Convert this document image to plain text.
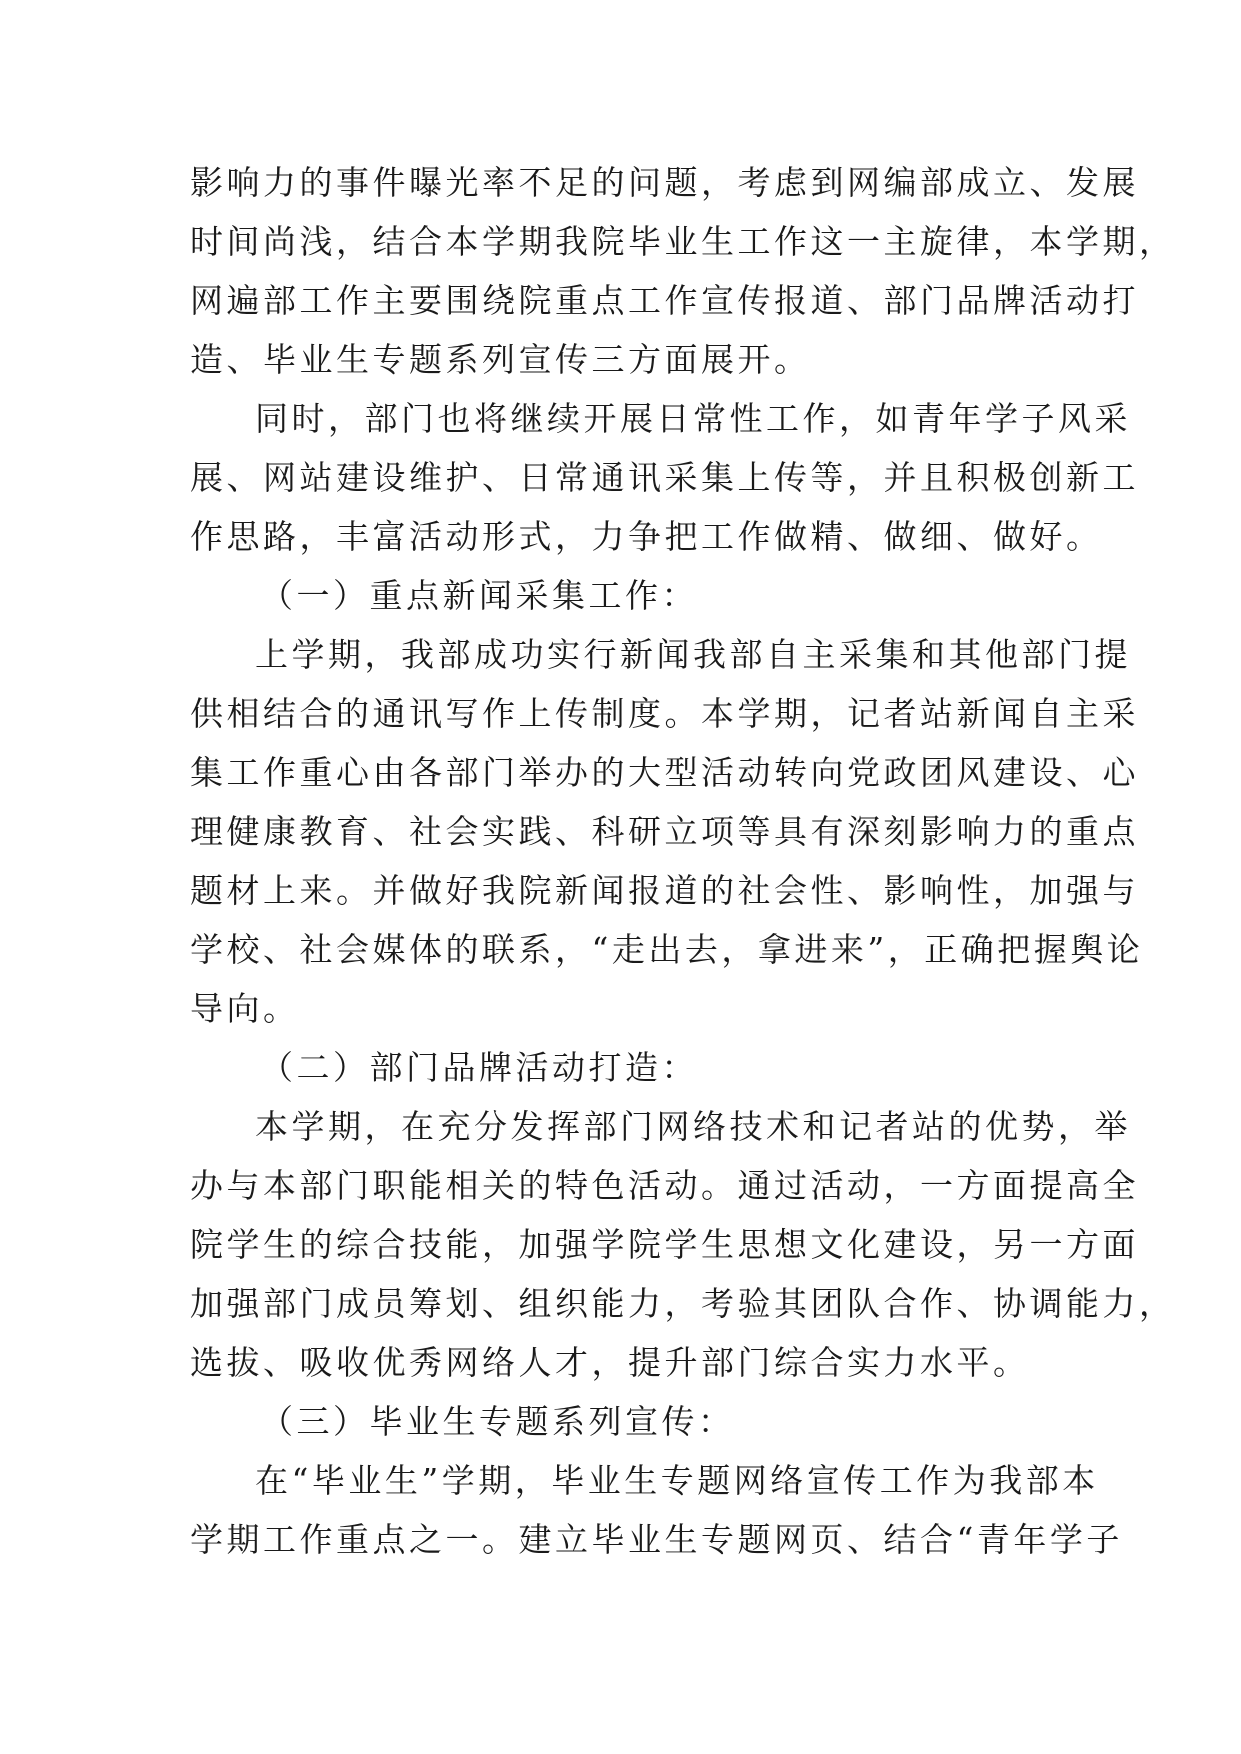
影响力的事件曝光率不足的问题，考虑到网编部成立、发展
时间尚浅，结合本学期我院毕业生工作这一主旋律，本学期，
网遍部工作主要围绕院重点工作宣传报道、部门品牌活动打
造、毕业生专题系列宣传三方面展开。
同时，部门也将继续开展日常性工作，如青年学子风采
展、网站建设维护、日常通讯采集上传等，并且积极创新工
作思路，丰富活动形式，力争把工作做精、做细、做好。
（一）重点新闻采集工作：
上学期，我部成功实行新闻我部自主采集和其他部门提
供相结合的通讯写作上传制度。本学期，记者站新闻自主采
集工作重心由各部门举办的大型活动转向党政团风建设、心
理健康教育、社会实践、科研立项等具有深刻影响力的重点
题材上来。并做好我院新闻报道的社会性、影响性，加强与
学校、社会媒体的联系，“走出去，拿进来”，正确把握舆论
导向。
（二）部门品牌活动打造：
本学期，在充分发挥部门网络技术和记者站的优势，举
办与本部门职能相关的特色活动。通过活动，一方面提高全
院学生的综合技能，加强学院学生思想文化建设，另一方面
加强部门成员筹划、组织能力，考验其团队合作、协调能力，
选拔、吸收优秀网络人才，提升部门综合实力水平。
（三）毕业生专题系列宣传：
在“毕业生”学期，毕业生专题网络宣传工作为我部本
学期工作重点之一。建立毕业生专题网页、结合“青年学子
